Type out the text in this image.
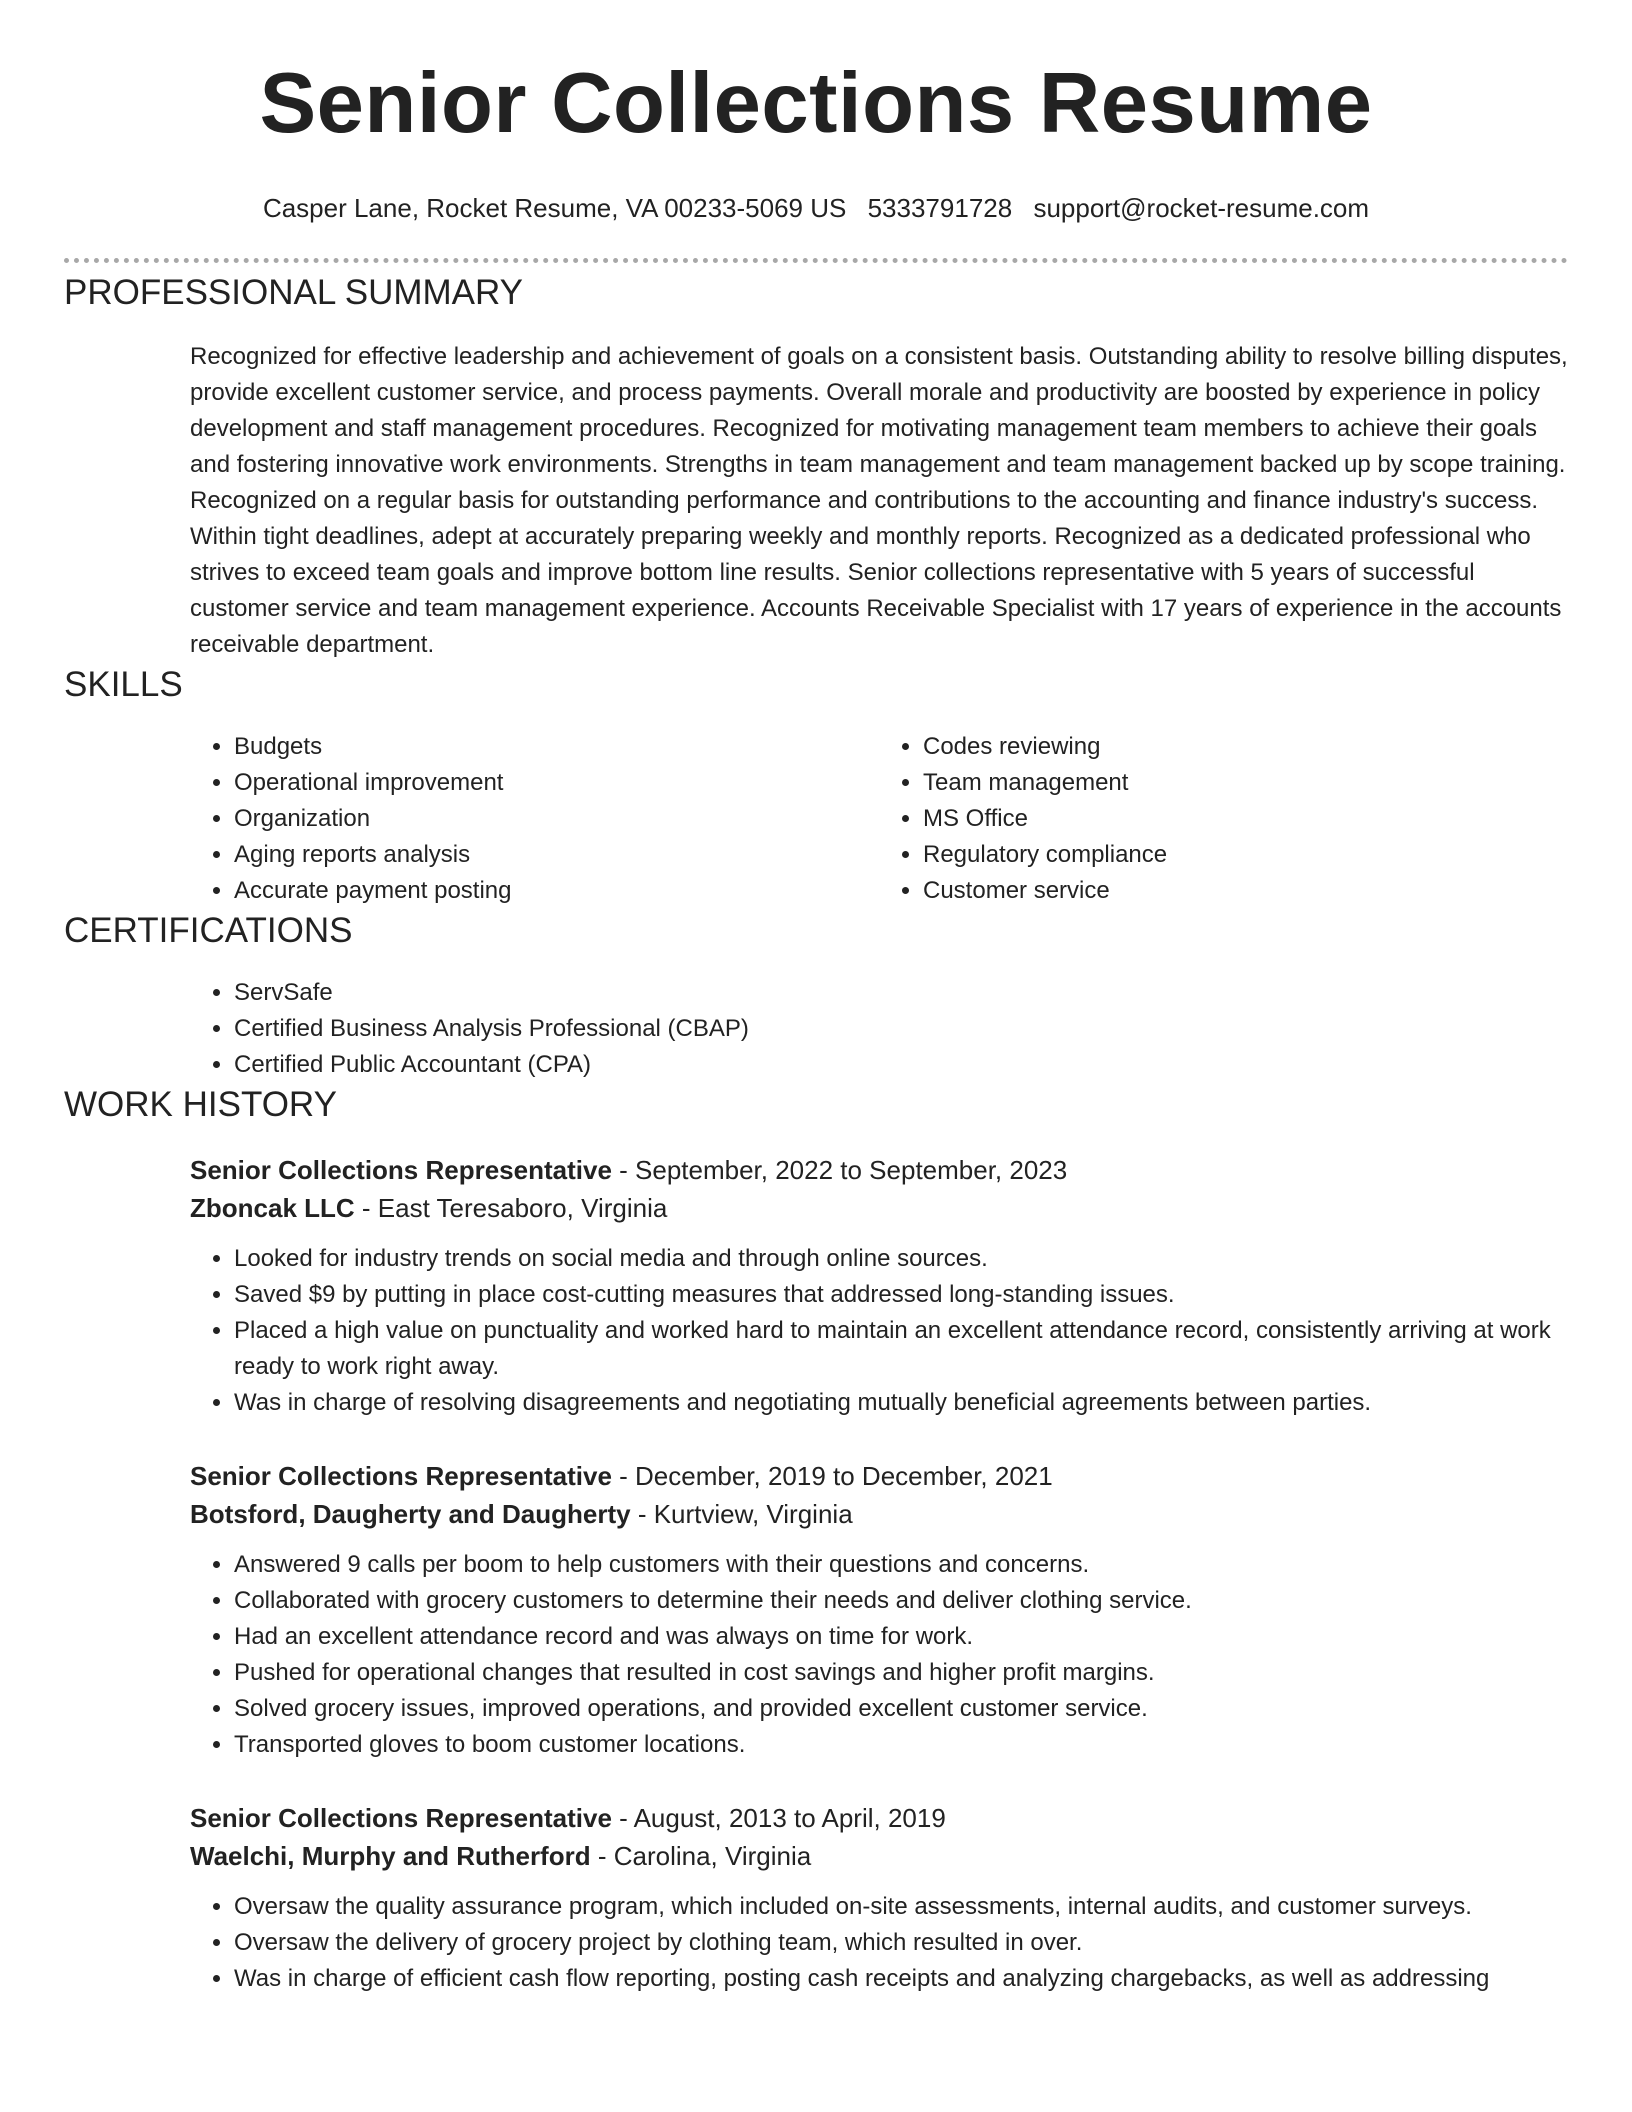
Senior Collections Resume
Casper Lane, Rocket Resume, VA 00233-5069 US 5333791728 support@rocket-resume.com
PROFESSIONAL SUMMARY

Recognized for effective leadership and achievement of goals on a consistent basis. Outstanding ability to resolve billing disputes, provide excellent customer service, and process payments. Overall morale and productivity are boosted by experience in policy development and staff management procedures. Recognized for motivating management team members to achieve their goals and fostering innovative work environments. Strengths in team management and team management backed up by scope training. Recognized on a regular basis for outstanding performance and contributions to the accounting and finance industry's success. Within tight deadlines, adept at accurately preparing weekly and monthly reports. Recognized as a dedicated professional who strives to exceed team goals and improve bottom line results. Senior collections representative with 5 years of successful customer service and team management experience. Accounts Receivable Specialist with 17 years of experience in the accounts receivable department.

SKILLS
• Budgets
• Operational improvement
• Organization
• Aging reports analysis
• Accurate payment posting
• Codes reviewing
• Team management
• MS Office
• Regulatory compliance
• Customer service
CERTIFICATIONS
• ServSafe
• Certified Business Analysis Professional (CBAP)
• Certified Public Accountant (CPA)
WORK HISTORY
Senior Collections Representative - September, 2022 to September, 2023
Zboncak LLC - East Teresaboro, Virginia
• Looked for industry trends on social media and through online sources.
• Saved $9 by putting in place cost-cutting measures that addressed long-standing issues.
• Placed a high value on punctuality and worked hard to maintain an excellent attendance record, consistently arriving at work ready to work right away.
• Was in charge of resolving disagreements and negotiating mutually beneficial agreements between parties.
Senior Collections Representative - December, 2019 to December, 2021
Botsford, Daugherty and Daugherty - Kurtview, Virginia
• Answered 9 calls per boom to help customers with their questions and concerns.
• Collaborated with grocery customers to determine their needs and deliver clothing service.
• Had an excellent attendance record and was always on time for work.
• Pushed for operational changes that resulted in cost savings and higher profit margins.
• Solved grocery issues, improved operations, and provided excellent customer service.
• Transported gloves to boom customer locations.
Senior Collections Representative - August, 2013 to April, 2019
Waelchi, Murphy and Rutherford - Carolina, Virginia
• Oversaw the quality assurance program, which included on-site assessments, internal audits, and customer surveys.
• Oversaw the delivery of grocery project by clothing team, which resulted in over.
• Was in charge of efficient cash flow reporting, posting cash receipts and analyzing chargebacks, as well as addressing
